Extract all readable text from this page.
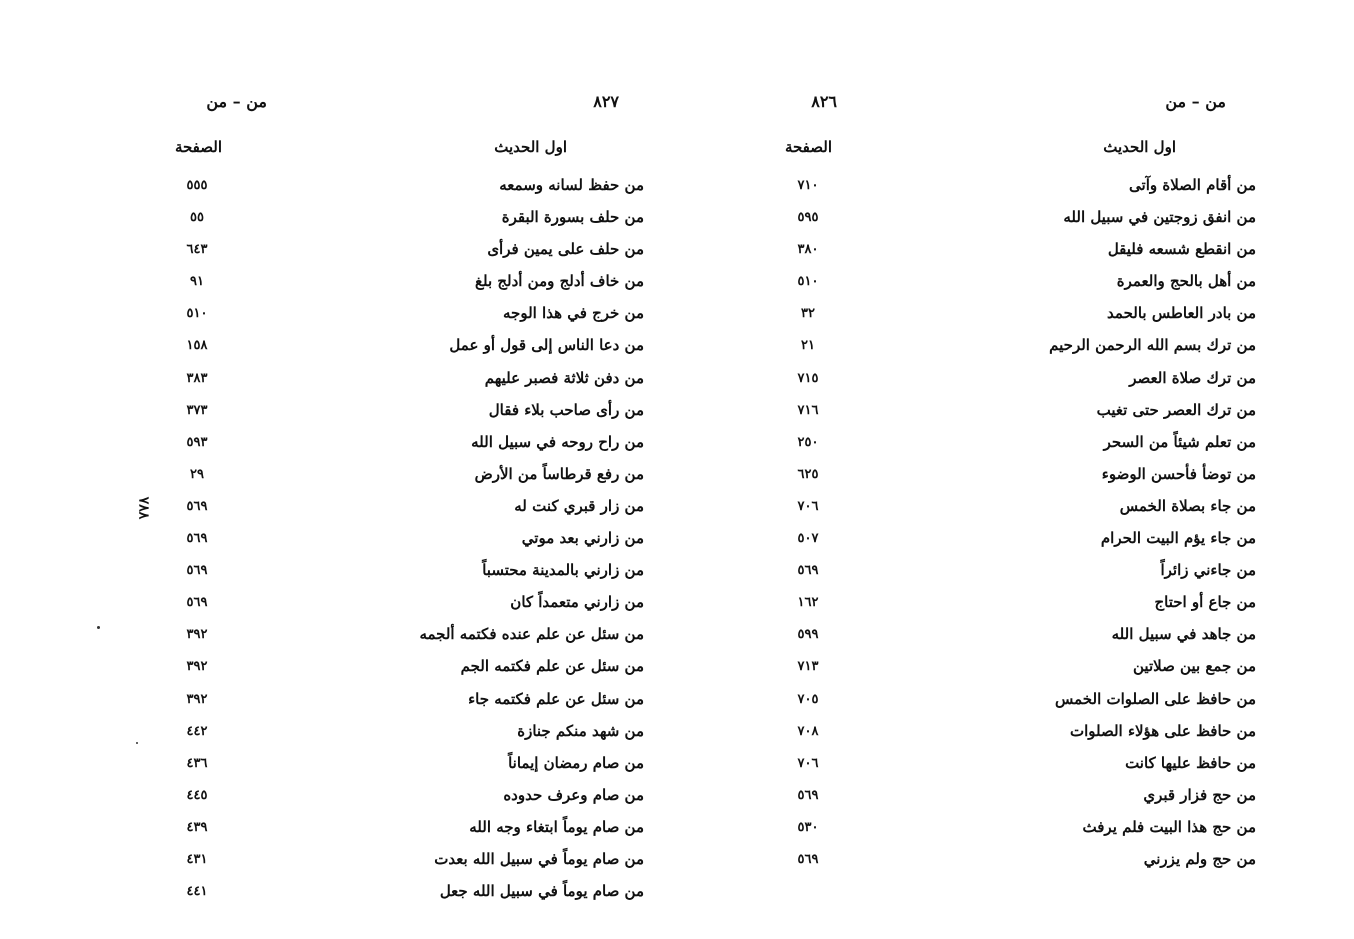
من – من	٨٢٧
اول الحديث
الصفحة
من حفظ لسانه وسمعه
٥٥٥
من حلف بسورة البقرة
٥٥
من حلف على يمين فرأى
٦٤٣
من خاف أدلج ومن أدلج بلغ
٩١
من خرج في هذا الوجه
٥١٠
من دعا الناس إلى قول أو عمل
١٥٨
من دفن ثلاثة فصبر عليهم
٣٨٣
من رأى صاحب بلاء فقال
٣٧٣
من راح روحه في سبيل الله
٥٩٣
من رفع قرطاساً من الأرض
٢٩
من زار قبري كنت له
٥٦٩
من زارني بعد موتي
٥٦٩
من زارني بالمدينة محتسباً
٥٦٩
من زارني متعمداً كان
٥٦٩
من سئل عن علم عنده فكتمه ألجمه
٣٩٢
من سئل عن علم فكتمه الجم
٣٩٢
من سئل عن علم فكتمه جاء
٣٩٢
من شهد منكم جنازة
٤٤٢
من صام رمضان إيماناً
٤٣٦
من صام وعرف حدوده
٤٤٥
من صام يوماً ابتغاء وجه الله
٤٣٩
من صام يوماً في سبيل الله بعدت
٤٣١
من صام يوماً في سبيل الله جعل
٤٤١
٧٨٨
من – من
٨٢٦
اول الحديث
الصفحة
من أقام الصلاة وآتى
٧١٠
من انفق زوجتين في سبيل الله
٥٩٥
من انقطع شسعه فليقل
٣٨٠
من أهل بالحج والعمرة
٥١٠
من بادر العاطس بالحمد
٣٢
من ترك بسم الله الرحمن الرحيم
٢١
من ترك صلاة العصر
٧١٥
من ترك العصر حتى تغيب
٧١٦
من تعلم شيئاً من السحر
٢٥٠
من توضأ فأحسن الوضوء
٦٢٥
من جاء بصلاة الخمس
٧٠٦
من جاء يؤم البيت الحرام
٥٠٧
من جاءني زائراً
٥٦٩
من جاع أو احتاج
١٦٢
من جاهد في سبيل الله
٥٩٩
من جمع بين صلاتين
٧١٣
من حافظ على الصلوات الخمس
٧٠٥
من حافظ على هؤلاء الصلوات
٧٠٨
من حافظ عليها كانت
٧٠٦
من حج فزار قبري
٥٦٩
من حج هذا البيت فلم يرفث
٥٣٠
من حج ولم يزرني
٥٦٩
